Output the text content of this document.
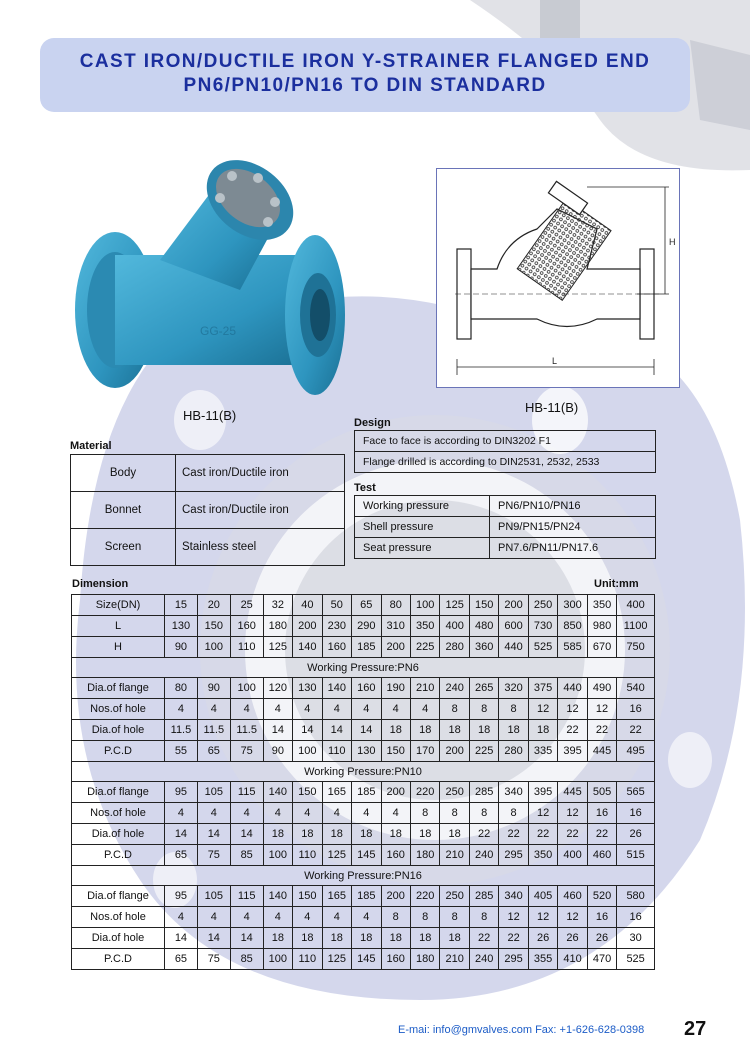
CAST IRON/DUCTILE IRON Y-STRAINER FLANGED END
PN6/PN10/PN16 TO DIN STANDARD
GG-25
HB-11(B)
H
L
HB-11(B)
Material
Body	Cast iron/Ductile iron
Bonnet	Cast iron/Ductile iron
Screen	Stainless steel
Design
Face to face is according to DIN3202 F1
Flange drilled is according to DIN2531, 2532, 2533
Test
Working pressure	PN6/PN10/PN16
Shell pressure	PN9/PN15/PN24
Seat pressure	PN7.6/PN11/PN17.6
Dimension	Unit:mm
Size(DN)	15	20	25	32	40	50	65	80	100	125	150	200	250	300	350	400
L	130	150	160	180	200	230	290	310	350	400	480	600	730	850	980	1100
H	90	100	110	125	140	160	185	200	225	280	360	440	525	585	670	750
Working Pressure:PN6																
Dia.of flange	80	90	100	120	130	140	160	190	210	240	265	320	375	440	490	540
Nos.of hole	4	4	4	4	4	4	4	4	4	8	8	8	12	12	12	16
Dia.of hole	11.5	11.5	11.5	14	14	14	14	18	18	18	18	18	18	22	22	22
P.C.D	55	65	75	90	100	110	130	150	170	200	225	280	335	395	445	495
Working Pressure:PN10																
Dia.of flange	95	105	115	140	150	165	185	200	220	250	285	340	395	445	505	565
Nos.of hole	4	4	4	4	4	4	4	4	8	8	8	8	12	12	16	16
Dia.of hole	14	14	14	18	18	18	18	18	18	18	22	22	22	22	22	26
P.C.D	65	75	85	100	110	125	145	160	180	210	240	295	350	400	460	515
Working Pressure:PN16																
Dia.of flange	95	105	115	140	150	165	185	200	220	250	285	340	405	460	520	580
Nos.of hole	4	4	4	4	4	4	4	8	8	8	8	12	12	12	16	16
Dia.of hole	14	14	14	18	18	18	18	18	18	18	22	22	26	26	26	30
P.C.D	65	75	85	100	110	125	145	160	180	210	240	295	355	410	470	525
E-mai: info@gmvalves.com Fax: +1-626-628-0398 27
